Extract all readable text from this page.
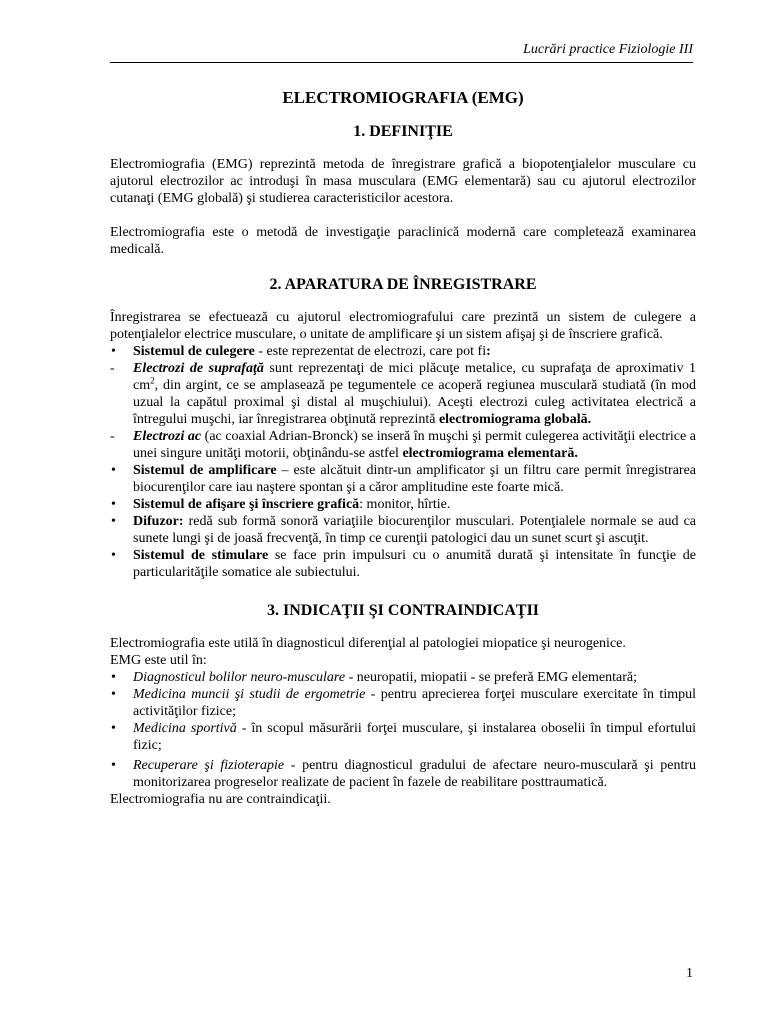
Lucrări practice Fiziologie III
ELECTROMIOGRAFIA (EMG)
1. DEFINIŢIE

Electromiografia (EMG) reprezintă metoda de înregistrare grafică a biopotenţialelor musculare cu ajutorul electrozilor ac introduşi în masa musculara (EMG elementară) sau cu ajutorul electrozilor cutanaţi (EMG globală) şi studierea caracteristicilor acestora.

Electromiografia este o metodă de investigaţie paraclinică modernă care completează examinarea medicală.

2. APARATURA DE ÎNREGISTRARE

Înregistrarea se efectuează cu ajutorul electromiografului care prezintă un sistem de culegere a potenţialelor electrice musculare, o unitate de amplificare şi un sistem afişaj şi de înscriere grafică.

• Sistemul de culegere - este reprezentat de electrozi, care pot fi:
- Electrozi de suprafaţă sunt reprezentaţi de mici plăcuţe metalice, cu suprafaţa de aproximativ 1 $cm^2$, din argint, ce se amplasează pe tegumentele ce acoperă regiunea musculară studiată (în mod uzual la capătul proximal şi distal al muşchiului). Aceşti electrozi culeg activitatea electrică a întregului muşchi, iar înregistrarea obţinută reprezintă electromiograma globală.
- Electrozi ac (ac coaxial Adrian-Bronck) se inseră în muşchi şi permit culegerea activităţii electrice a unei singure unităţi motorii, obţinându-se astfel electromiograma elementară.
• Sistemul de amplificare – este alcătuit dintr-un amplificator şi un filtru care permit înregistrarea biocurenţilor care iau naştere spontan şi a căror amplitudine este foarte mică.
• Sistemul de afişare şi înscriere grafică: monitor, hîrtie.
• Difuzor: redă sub formă sonoră variaţiile biocurenţilor musculari. Potenţialele normale se aud ca sunete lungi şi de joasă frecvenţă, în timp ce curenţii patologici dau un sunet scurt şi ascuţit.
• Sistemul de stimulare se face prin impulsuri cu o anumită durată şi intensitate în funcţie de particularităţile somatice ale subiectului.
3. INDICAŢII ŞI CONTRAINDICAŢII

Electromiografia este utilă în diagnosticul diferenţial al patologiei miopatice şi neurogenice.

EMG este util în:

• Diagnosticul bolilor neuro-musculare - neuropatii, miopatii - se preferă EMG elementară;
• Medicina muncii şi studii de ergometrie - pentru aprecierea forţei musculare exercitate în timpul activităţilor fizice;
• Medicina sportivă - în scopul măsurării forţei musculare, şi instalarea oboselii în timpul efortului fizic;
• Recuperare şi fizioterapie - pentru diagnosticul gradului de afectare neuro-musculară şi pentru monitorizarea progreselor realizate de pacient în fazele de reabilitare posttraumatică.

Electromiografia nu are contraindicaţii.

1
